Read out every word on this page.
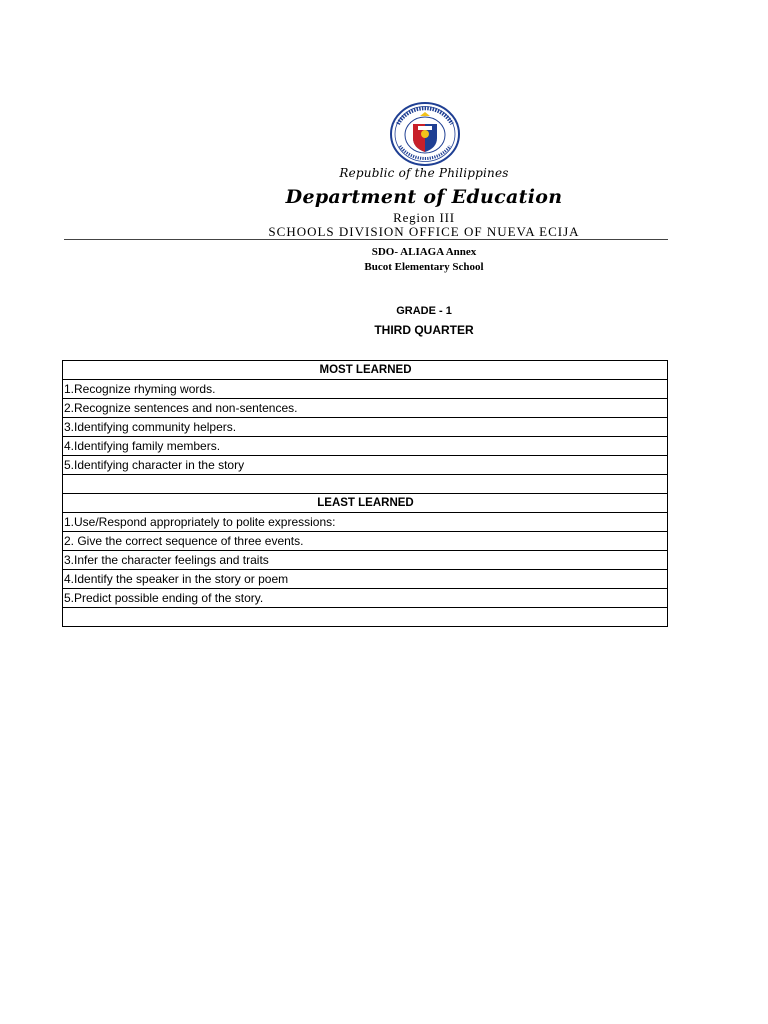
Republic of the Philippines
Department of Education
Region III
SCHOOLS DIVISION OFFICE OF NUEVA ECIJA
SDO- ALIAGA Annex
Bucot Elementary School
GRADE - 1
THIRD QUARTER
MOST LEARNED
1.Recognize rhyming words.
2.Recognize sentences and non-sentences.
3.Identifying community helpers.
4.Identifying family members.
5.Identifying character in the story

LEAST LEARNED
1.Use/Respond appropriately to polite expressions:
2. Give the correct sequence of three events.
3.Infer the character feelings and traits
4.Identify the speaker in the story or poem
5.Predict possible ending of the story.
